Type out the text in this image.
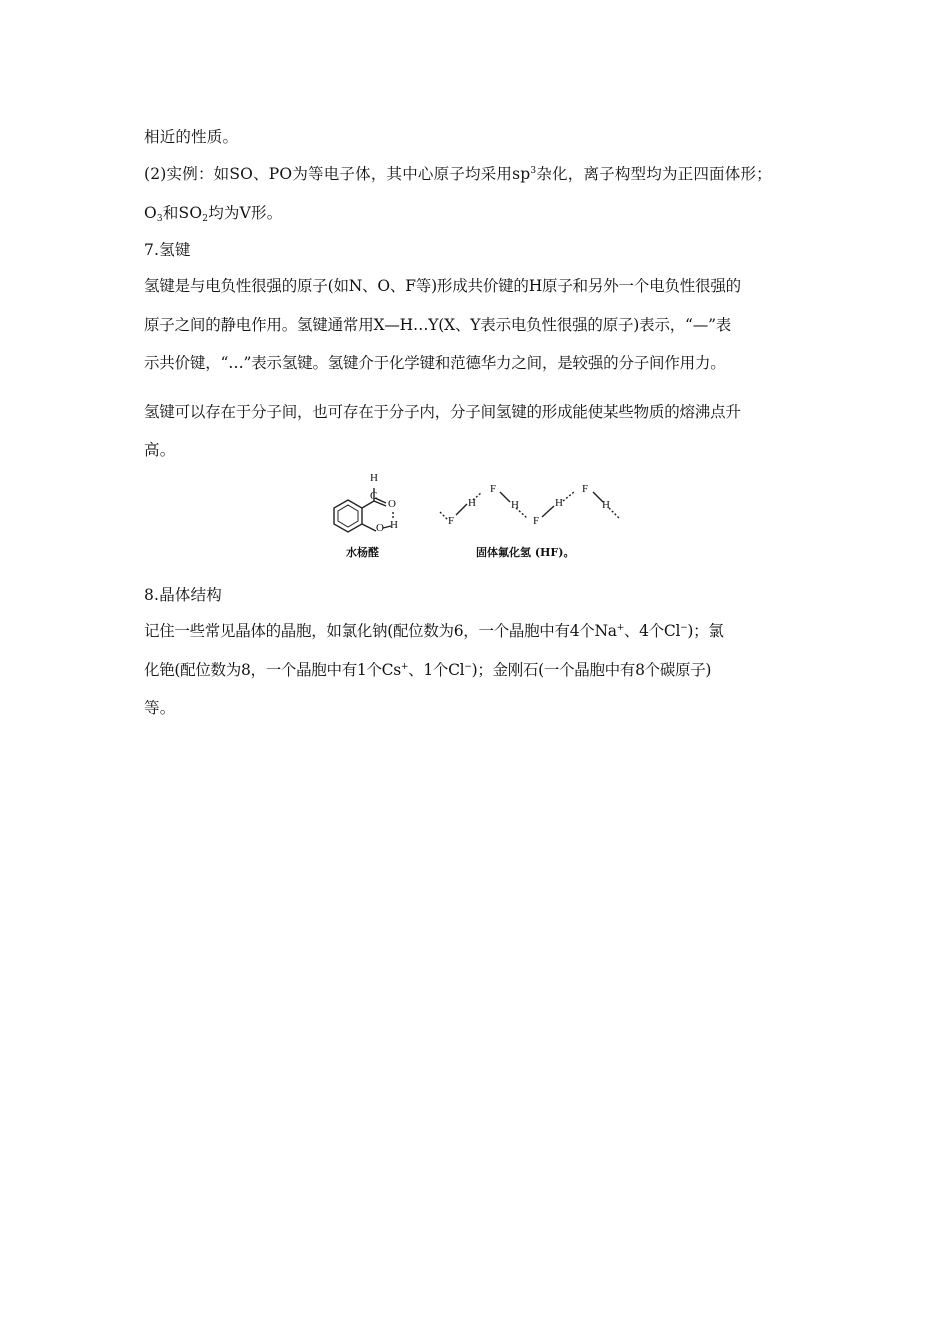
相近的性质。
(2)实例：如SO、PO为等电子体，其中心原子均采用$sp^3$杂化，离子构型均为正四面体形；
$O_3$和$SO_2$均为V形。
7.氢键
氢键是与电负性很强的原子(如N、O、F等)形成共价键的H原子和另外一个电负性很强的
原子之间的静电作用。氢键通常用X—H…Y(X、Y表示电负性很强的原子)表示，“—”表
示共价键，“…”表示氢键。氢键介于化学键和范德华力之间，是较强的分子间作用力。
氢键可以存在于分子间，也可存在于分子内，分子间氢键的形成能使某些物质的熔沸点升
高。
H
C
O
O H	F
H
F
H
F
H
F
H
水杨醛	固体氟化氢 (HF)。
8.晶体结构
记住一些常见晶体的晶胞，如氯化钠(配位数为6，一个晶胞中有4个Na+、4个Cl−)；氯
化铯(配位数为8，一个晶胞中有1个Cs+、1个Cl−)；金刚石(一个晶胞中有8个碳原子)
等。
